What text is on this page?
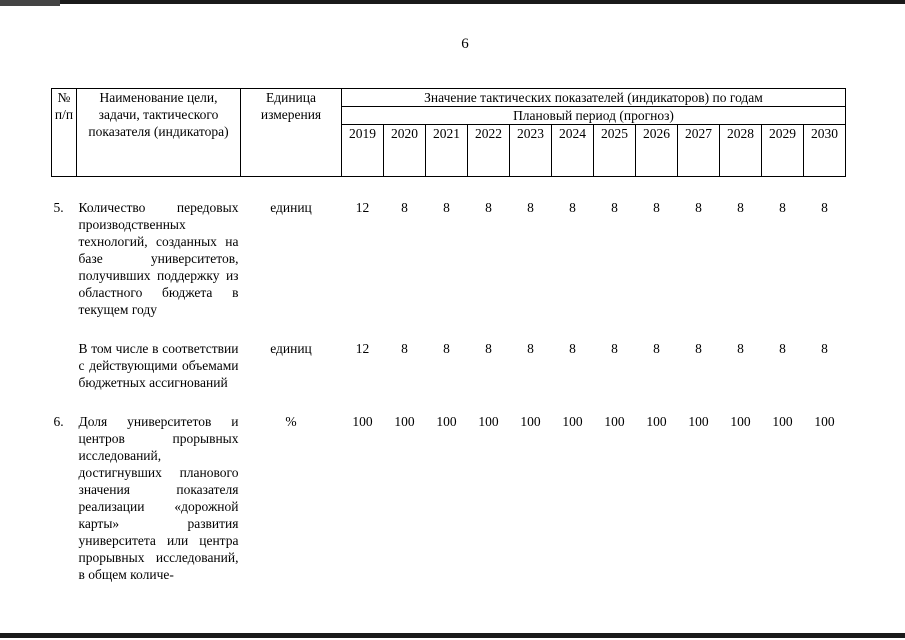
6
№ п/п	Наименование цели, задачи, тактического показателя (индикатора)	Единица измерения	Значение тактических показателей (индикаторов) по годам											
			Плановый период (прогноз)											
			2019	2020	2021	2022	2023	2024	2025	2026	2027	2028	2029	2030

5.	Количество передовых производственных технологий, созданных на базе университетов, получивших поддержку из областного бюджета в текущем году	единиц	12	8	8	8	8	8	8	8	8	8	8	8

	В том числе в соответствии с действующими объемами бюджетных ассигнований	единиц	12	8	8	8	8	8	8	8	8	8	8	8

6.	Доля университетов и центров прорывных исследований, достигнувших планового значения показателя реализации «дорожной карты» развития университета или центра прорывных исследований, в общем количе-	%	100	100	100	100	100	100	100	100	100	100	100	100
